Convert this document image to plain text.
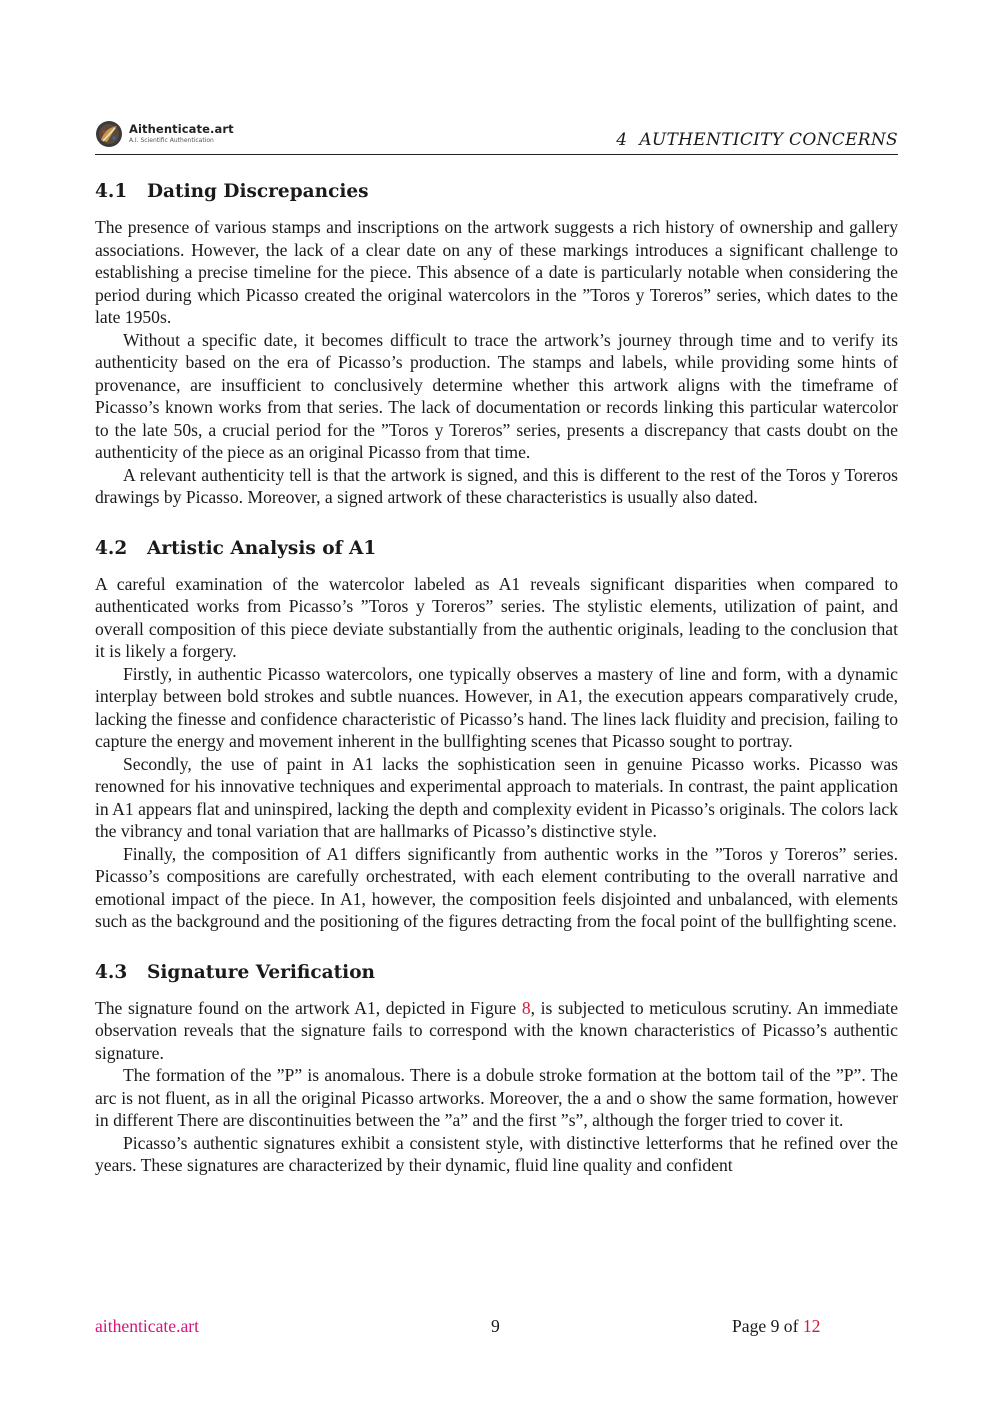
Aithenticate.art
A.I. Scientific Authentication	4 AUTHENTICITY CONCERNS
4.1 Dating Discrepancies

The presence of various stamps and inscriptions on the artwork suggests a rich history of ownership and gallery associations. However, the lack of a clear date on any of these markings introduces a significant challenge to establishing a precise timeline for the piece. This absence of a date is particularly notable when considering the period during which Picasso created the original watercolors in the ”Toros y Toreros” series, which dates to the late 1950s.

Without a specific date, it becomes difficult to trace the artwork’s journey through time and to verify its authenticity based on the era of Picasso’s production. The stamps and labels, while providing some hints of provenance, are insufficient to conclusively determine whether this artwork aligns with the timeframe of Picasso’s known works from that series. The lack of documentation or records linking this particular watercolor to the late 50s, a crucial period for the ”Toros y Toreros” series, presents a discrepancy that casts doubt on the authenticity of the piece as an original Picasso from that time.

A relevant authenticity tell is that the artwork is signed, and this is different to the rest of the Toros y Toreros drawings by Picasso. Moreover, a signed artwork of these characteristics is usually also dated.

4.2 Artistic Analysis of A1

A careful examination of the watercolor labeled as A1 reveals significant disparities when compared to authenticated works from Picasso’s ”Toros y Toreros” series. The stylistic elements, utilization of paint, and overall composition of this piece deviate substantially from the authentic originals, leading to the conclusion that it is likely a forgery.

Firstly, in authentic Picasso watercolors, one typically observes a mastery of line and form, with a dynamic interplay between bold strokes and subtle nuances. However, in A1, the execution appears comparatively crude, lacking the finesse and confidence characteristic of Picasso’s hand. The lines lack fluidity and precision, failing to capture the energy and movement inherent in the bullfighting scenes that Picasso sought to portray.

Secondly, the use of paint in A1 lacks the sophistication seen in genuine Picasso works. Picasso was renowned for his innovative techniques and experimental approach to materials. In contrast, the paint application in A1 appears flat and uninspired, lacking the depth and complexity evident in Picasso’s originals. The colors lack the vibrancy and tonal variation that are hallmarks of Picasso’s distinctive style.

Finally, the composition of A1 differs significantly from authentic works in the ”Toros y Toreros” series. Picasso’s compositions are carefully orchestrated, with each element contributing to the overall narrative and emotional impact of the piece. In A1, however, the composition feels disjointed and unbalanced, with elements such as the background and the positioning of the figures detracting from the focal point of the bullfighting scene.

4.3 Signature Verification

The signature found on the artwork A1, depicted in Figure 8, is subjected to meticulous scrutiny. An immediate observation reveals that the signature fails to correspond with the known characteristics of Picasso’s authentic signature.

The formation of the ”P” is anomalous. There is a dobule stroke formation at the bottom tail of the ”P”. The arc is not fluent, as in all the original Picasso artworks. Moreover, the a and o show the same formation, however in different There are discontinuities between the ”a” and the first ”s”, although the forger tried to cover it.

Picasso’s authentic signatures exhibit a consistent style, with distinctive letterforms that he refined over the years. These signatures are characterized by their dynamic, fluid line quality and confident

aithenticate.art	9	Page 9 of 12
